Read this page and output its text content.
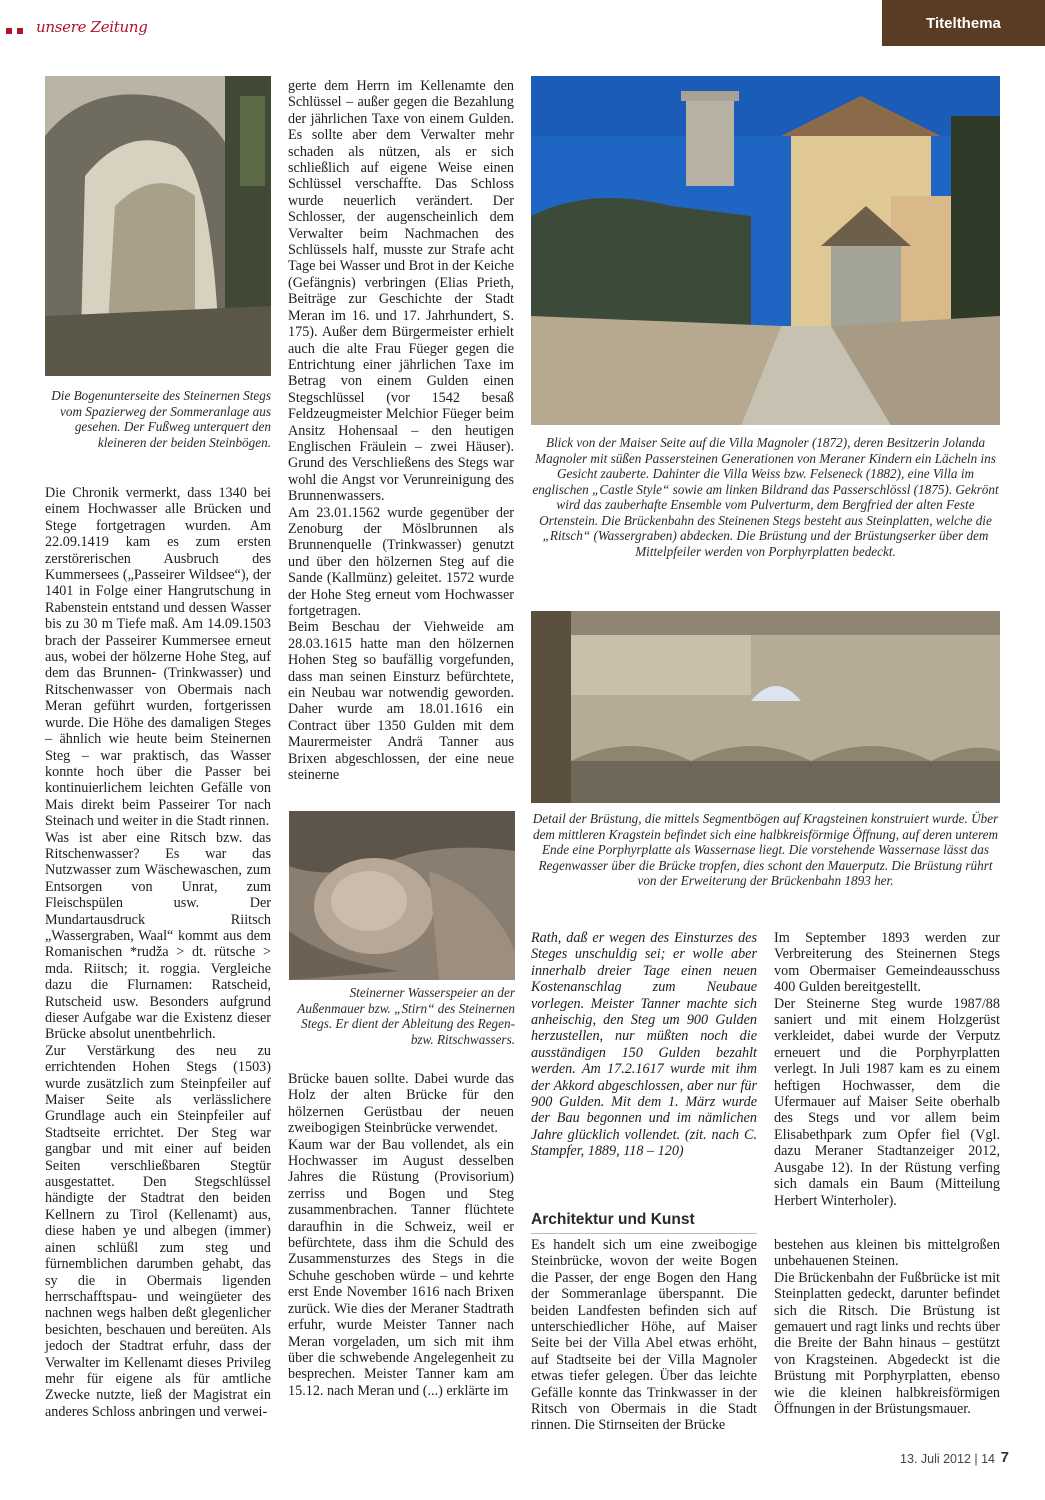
unsere Zeitung	Titelthema
Die Bogenunterseite des Steinernen Stegs vom Spazierweg der Sommeranlage aus gesehen. Der Fußweg unterquert den kleineren der beiden Steinbögen.

Die Chronik vermerkt, dass 1340 bei einem Hochwasser alle Brücken und Stege fortgetragen wurden. Am 22.09.1419 kam es zum ersten zerstörerischen Ausbruch des Kummersees („Passeirer Wildsee“), der 1401 in Folge einer Hangrutschung in Rabenstein entstand und dessen Wasser bis zu 30 m Tiefe maß. Am 14.09.1503 brach der Passeirer Kummersee erneut aus, wobei der hölzerne Hohe Steg, auf dem das Brunnen- (Trinkwasser) und Ritschenwasser von Obermais nach Meran geführt wurden, fortgerissen wurde. Die Höhe des damaligen Steges – ähnlich wie heute beim Steinernen Steg – war praktisch, das Wasser konnte hoch über die Passer bei kontinuierlichem leichten Gefälle von Mais direkt beim Passeirer Tor nach Steinach und weiter in die Stadt rinnen.

Was ist aber eine Ritsch bzw. das Ritschenwasser? Es war das Nutzwasser zum Wäschewaschen, zum Entsorgen von Unrat, zum Fleischspülen usw. Der Mundartausdruck Riitsch „Wassergraben, Waal“ kommt aus dem Romanischen *rudža > dt. rütsche > mda. Riitsch; it. roggia. Vergleiche dazu die Flurnamen: Ratscheid, Rutscheid usw. Besonders aufgrund dieser Aufgabe war die Existenz dieser Brücke absolut unentbehrlich.

Zur Verstärkung des neu zu errichtenden Hohen Stegs (1503) wurde zusätzlich zum Steinpfeiler auf Maiser Seite als verlässlichere Grundlage auch ein Steinpfeiler auf Stadtseite errichtet. Der Steg war gangbar und mit einer auf beiden Seiten verschließbaren Stegtür ausgestattet. Den Stegschlüssel händigte der Stadtrat den beiden Kellnern zu Tirol (Kellenamt) aus, diese haben ye und albegen (immer) ainen schlüßl zum steg und fürnemblichen darumben gehabt, das sy die in Obermais ligenden herrschafftspau- und weingüeter des nachnen wegs halben deßt glegenlicher besichten, beschauen und bereüten. Als jedoch der Stadtrat erfuhr, dass der Verwalter im Kellenamt dieses Privileg mehr für eigene als für amtliche Zwecke nutzte, ließ der Magistrat ein anderes Schloss anbringen und verwei-

gerte dem Herrn im Kellenamte den Schlüssel – außer gegen die Bezahlung der jährlichen Taxe von einem Gulden. Es sollte aber dem Verwalter mehr schaden als nützen, als er sich schließlich auf eigene Weise einen Schlüssel verschaffte. Das Schloss wurde neuerlich verändert. Der Schlosser, der augenscheinlich dem Verwalter beim Nachmachen des Schlüssels half, musste zur Strafe acht Tage bei Wasser und Brot in der Keiche (Gefängnis) verbringen (Elias Prieth, Beiträge zur Geschichte der Stadt Meran im 16. und 17. Jahrhundert, S. 175). Außer dem Bürgermeister erhielt auch die alte Frau Füeger gegen die Entrichtung einer jährlichen Taxe im Betrag von einem Gulden einen Stegschlüssel (vor 1542 besaß Feldzeugmeister Melchior Füeger beim Ansitz Hohensaal – den heutigen Englischen Fräulein – zwei Häuser). Grund des Verschließens des Stegs war wohl die Angst vor Verunreinigung des Brunnenwassers.

Am 23.01.1562 wurde gegenüber der Zenoburg der Möslbrunnen als Brunnenquelle (Trinkwasser) genutzt und über den hölzernen Steg auf die Sande (Kallmünz) geleitet. 1572 wurde der Hohe Steg erneut vom Hochwasser fortgetragen.

Beim Beschau der Viehweide am 28.03.1615 hatte man den hölzernen Hohen Steg so baufällig vorgefunden, dass man seinen Einsturz befürchtete, ein Neubau war notwendig geworden. Daher wurde am 18.01.1616 ein Contract über 1350 Gulden mit dem Maurermeister Andrä Tanner aus Brixen abgeschlossen, der eine neue steinerne

Steinerner Wasserspeier an der Außenmauer bzw. „Stirn“ des Steinernen Stegs. Er dient der Ableitung des Regen- bzw. Ritschwassers.

Brücke bauen sollte. Dabei wurde das Holz der alten Brücke für den hölzernen Gerüstbau der neuen zweibogigen Steinbrücke verwendet.

Kaum war der Bau vollendet, als ein Hochwasser im August desselben Jahres die Rüstung (Provisorium) zerriss und Bogen und Steg zusammenbrachen. Tanner flüchtete daraufhin in die Schweiz, weil er befürchtete, dass ihm die Schuld des Zusammensturzes des Stegs in die Schuhe geschoben würde – und kehrte erst Ende November 1616 nach Brixen zurück. Wie dies der Meraner Stadtrath erfuhr, wurde Meister Tanner nach Meran vorgeladen, um sich mit ihm über die schwebende Angelegenheit zu besprechen. Meister Tanner kam am 15.12. nach Meran und (...) erklärte im

Blick von der Maiser Seite auf die Villa Magnoler (1872), deren Besitzerin Jolanda Magnoler mit süßen Passersteinen Generationen von Meraner Kindern ein Lächeln ins Gesicht zauberte. Dahinter die Villa Weiss bzw. Felseneck (1882), eine Villa im englischen „Castle Style“ sowie am linken Bildrand das Passerschlössl (1875). Gekrönt wird das zauberhafte Ensemble vom Pulverturm, dem Bergfried der alten Feste Ortenstein. Die Brückenbahn des Steinenen Stegs besteht aus Steinplatten, welche die „Ritsch“ (Wassergraben) abdecken. Die Brüstung und der Brüstungserker über dem Mittelpfeiler werden von Porphyrplatten bedeckt.
Detail der Brüstung, die mittels Segmentbögen auf Kragsteinen konstruiert wurde. Über dem mittleren Kragstein befindet sich eine halbkreisförmige Öffnung, auf deren unterem Ende eine Porphyrplatte als Wassernase liegt. Die vorstehende Wassernase lässt das Regenwasser über die Brücke tropfen, dies schont den Mauerputz. Die Brüstung rührt von der Erweiterung der Brückenbahn 1893 her.
Rath, daß er wegen des Einsturzes des Steges unschuldig sei; er wolle aber innerhalb dreier Tage einen neuen Kostenanschlag zum Neubaue vorlegen. Meister Tanner machte sich anheischig, den Steg um 900 Gulden herzustellen, nur müßten noch die ausständigen 150 Gulden bezahlt werden. Am 17.2.1617 wurde mit ihm der Akkord abgeschlossen, aber nur für 900 Gulden. Mit dem 1. März wurde der Bau begonnen und im nämlichen Jahre glücklich vollendet. (zit. nach C. Stampfer, 1889, 118 – 120)

Im September 1893 werden zur Verbreiterung des Steinernen Stegs vom Obermaiser Gemeindeausschuss 400 Gulden bereitgestellt.

Der Steinerne Steg wurde 1987/88 saniert und mit einem Holzgerüst verkleidet, dabei wurde der Verputz erneuert und die Porphyrplatten verlegt. In Juli 1987 kam es zu einem heftigen Hochwasser, dem die Ufermauer auf Maiser Seite oberhalb des Stegs und vor allem beim Elisabethpark zum Opfer fiel (Vgl. dazu Meraner Stadtanzeiger 2012, Ausgabe 12). In der Rüstung verfing sich damals ein Baum (Mitteilung Herbert Winterholer).

Architektur und Kunst
Es handelt sich um eine zweibogige Steinbrücke, wovon der weite Bogen die Passer, der enge Bogen den Hang der Sommeranlage überspannt. Die beiden Landfesten befinden sich auf unterschiedlicher Höhe, auf Maiser Seite bei der Villa Abel etwas erhöht, auf Stadtseite bei der Villa Magnoler etwas tiefer gelegen. Über das leichte Gefälle konnte das Trinkwasser in der Ritsch von Obermais in die Stadt rinnen. Die Stirnseiten der Brücke

bestehen aus kleinen bis mittelgroßen unbehauenen Steinen.

Die Brückenbahn der Fußbrücke ist mit Steinplatten gedeckt, darunter befindet sich die Ritsch. Die Brüstung ist gemauert und ragt links und rechts über die Breite der Bahn hinaus – gestützt von Kragsteinen. Abgedeckt ist die Brüstung mit Porphyrplatten, ebenso wie die kleinen halbkreisförmigen Öffnungen in der Brüstungsmauer.

13. Juli 2012 | 14 7
